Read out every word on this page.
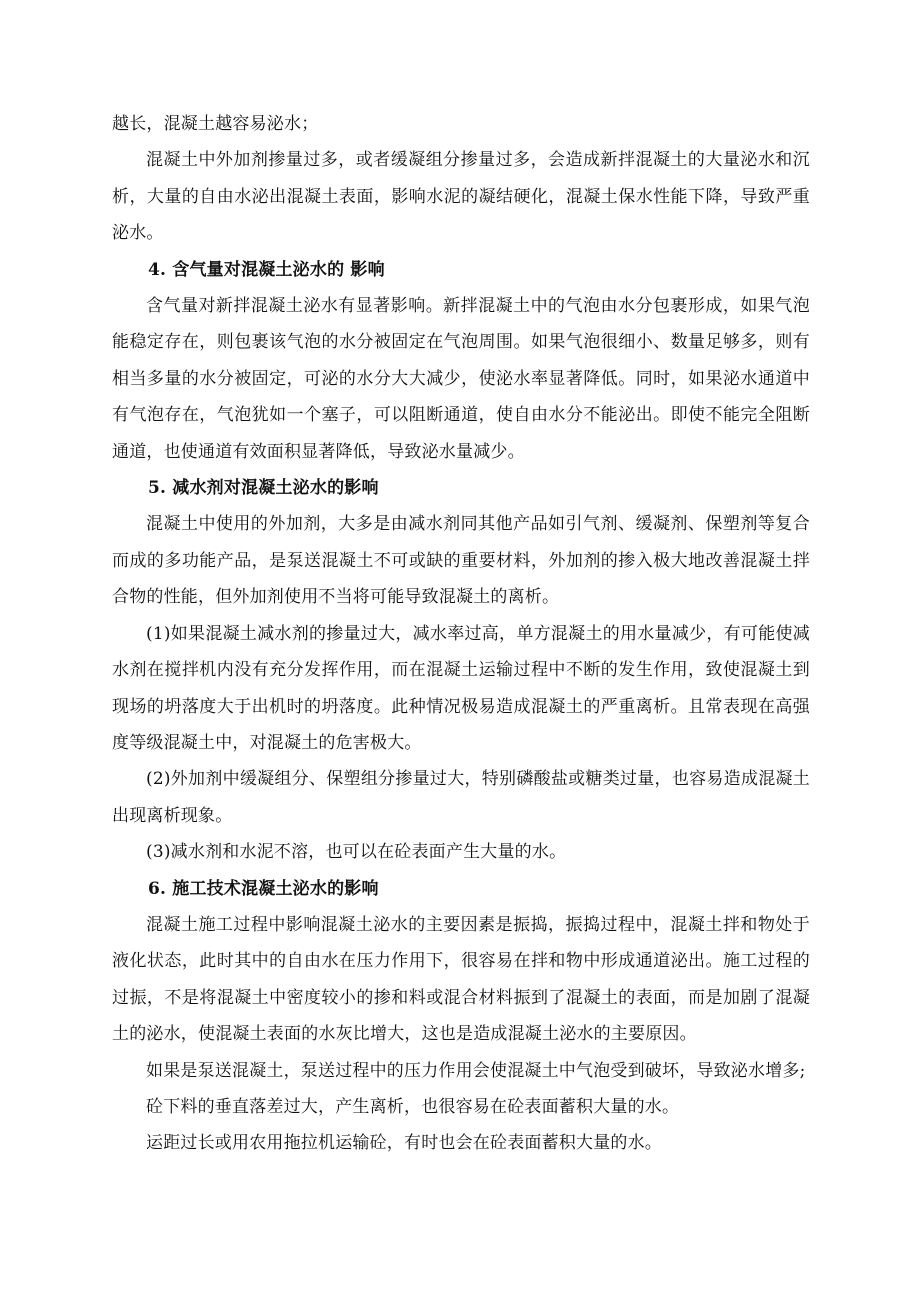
越长，混凝土越容易泌水；

混凝土中外加剂掺量过多，或者缓凝组分掺量过多，会造成新拌混凝土的大量泌水和沉析，大量的自由水泌出混凝土表面，影响水泥的凝结硬化，混凝土保水性能下降，导致严重泌水。

4. 含气量对混凝土泌水的 影响

含气量对新拌混凝土泌水有显著影响。新拌混凝土中的气泡由水分包裹形成，如果气泡能稳定存在，则包裹该气泡的水分被固定在气泡周围。如果气泡很细小、数量足够多，则有相当多量的水分被固定，可泌的水分大大减少，使泌水率显著降低。同时，如果泌水通道中有气泡存在，气泡犹如一个塞子，可以阻断通道，使自由水分不能泌出。即使不能完全阻断通道，也使通道有效面积显著降低，导致泌水量减少。

5. 减水剂对混凝土泌水的影响

混凝土中使用的外加剂，大多是由减水剂同其他产品如引气剂、缓凝剂、保塑剂等复合而成的多功能产品，是泵送混凝土不可或缺的重要材料，外加剂的掺入极大地改善混凝土拌合物的性能，但外加剂使用不当将可能导致混凝土的离析。

(1)如果混凝土减水剂的掺量过大，减水率过高，单方混凝土的用水量减少，有可能使减水剂在搅拌机内没有充分发挥作用，而在混凝土运输过程中不断的发生作用，致使混凝土到现场的坍落度大于出机时的坍落度。此种情况极易造成混凝土的严重离析。且常表现在高强度等级混凝土中，对混凝土的危害极大。

(2)外加剂中缓凝组分、保塑组分掺量过大，特别磷酸盐或糖类过量，也容易造成混凝土出现离析现象。

(3)减水剂和水泥不溶，也可以在砼表面产生大量的水。

6. 施工技术混凝土泌水的影响

混凝土施工过程中影响混凝土泌水的主要因素是振捣，振捣过程中，混凝土拌和物处于液化状态，此时其中的自由水在压力作用下，很容易在拌和物中形成通道泌出。施工过程的过振，不是将混凝土中密度较小的掺和料或混合材料振到了混凝土的表面，而是加剧了混凝土的泌水，使混凝土表面的水灰比增大，这也是造成混凝土泌水的主要原因。

如果是泵送混凝土，泵送过程中的压力作用会使混凝土中气泡受到破坏，导致泌水增多;

砼下料的垂直落差过大，产生离析，也很容易在砼表面蓄积大量的水。

运距过长或用农用拖拉机运输砼，有时也会在砼表面蓄积大量的水。
